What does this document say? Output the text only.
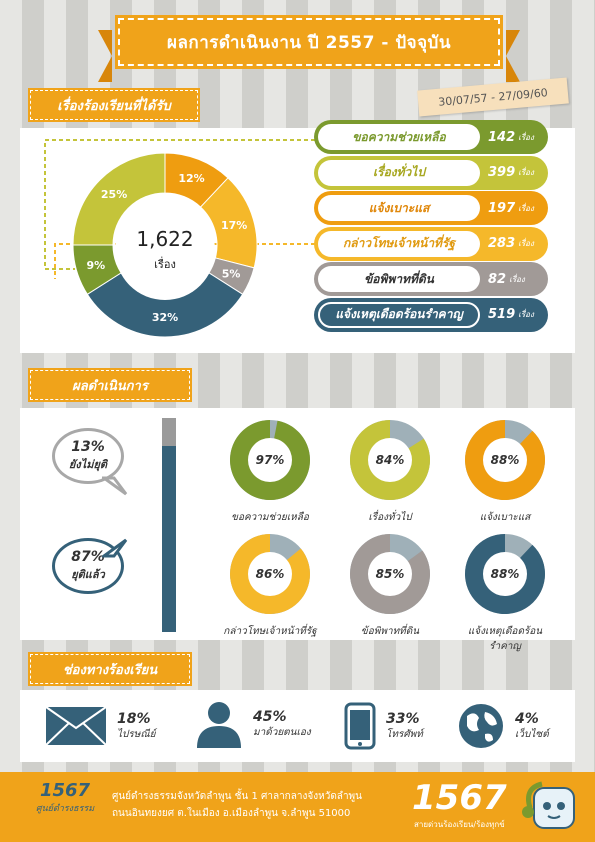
ผลการดำเนินงาน ปี 2557 - ปัจจุบัน
30/07/57 - 27/09/60
เรื่องร้องเรียนที่ได้รับ
12%
17%
5%
32%
9%
25%
1,622
เรื่อง
ขอความช่วยเหลือ	142 เรื่อง
เรื่องทั่วไป	399 เรื่อง
แจ้งเบาะแส	197 เรื่อง
กล่าวโทษเจ้าหน้าที่รัฐ	283 เรื่อง
ข้อพิพาทที่ดิน	82 เรื่อง
แจ้งเหตุเดือดร้อนรำคาญ	519 เรื่อง
ผลดำเนินการ
13%
ยังไม่ยุติ
87%
ยุติแล้ว
97%
ขอความช่วยเหลือ
84%
เรื่องทั่วไป
88%
แจ้งเบาะแส
86%
กล่าวโทษเจ้าหน้าที่รัฐ
85%
ข้อพิพาทที่ดิน
88%
แจ้งเหตุเดือดร้อนรำคาญ
ช่องทางร้องเรียน
18%
ไปรษณีย์
45%
มาด้วยตนเอง
33%
โทรศัพท์
4%
เว็บไซต์
1567
ศูนย์ดำรงธรรม
ศูนย์ดำรงธรรมจังหวัดลำพูน ชั้น 1 ศาลากลางจังหวัดลำพูน
ถนนอินทยงยศ ต.ในเมือง อ.เมืองลำพูน จ.ลำพูน 51000	1567
สายด่วนร้องเรียน/ร้องทุกข์
